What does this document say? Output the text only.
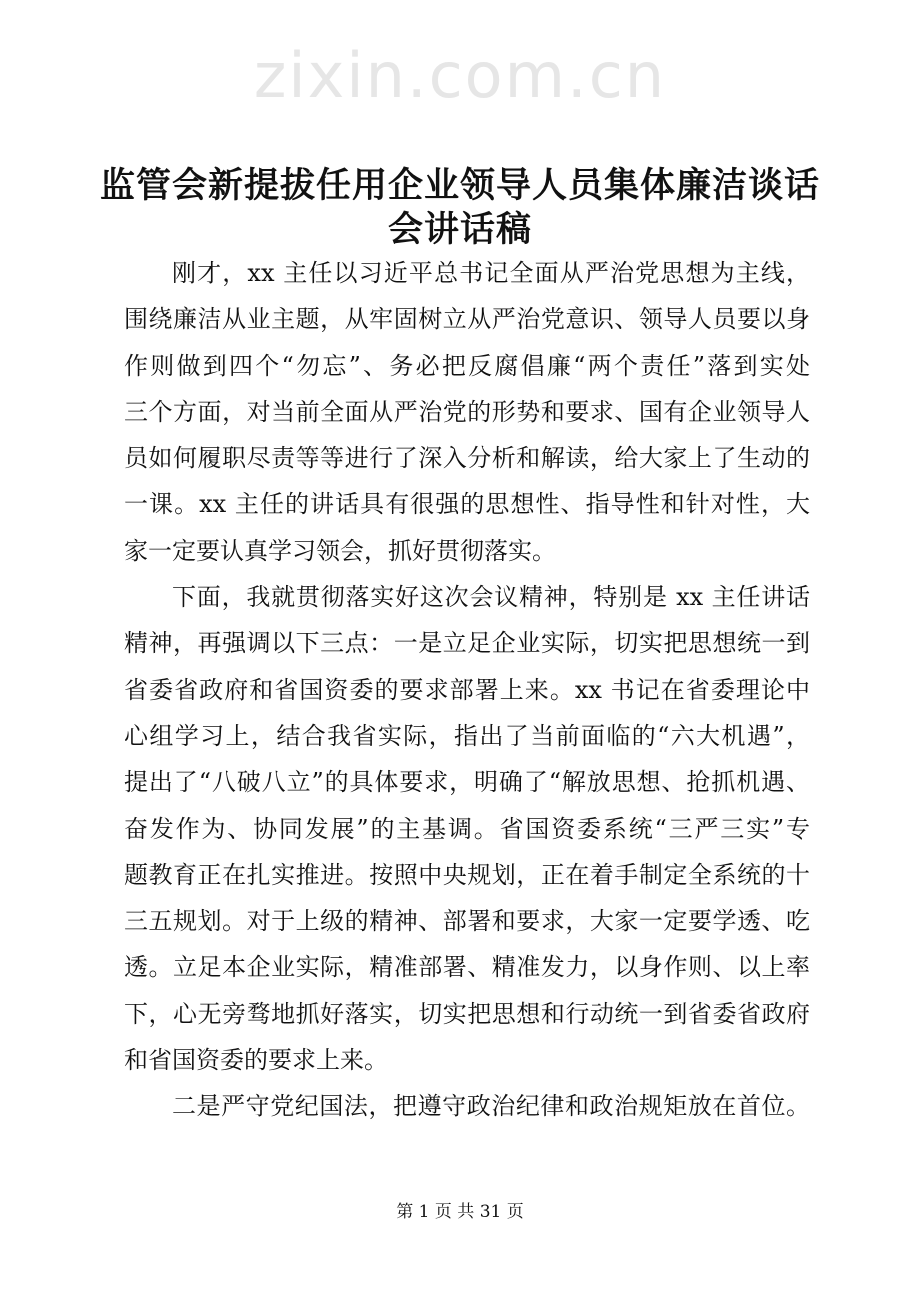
zixin.com.cn
监管会新提拔任用企业领导人员集体廉洁谈话
会讲话稿
刚才，xx 主任以习近平总书记全面从严治党思想为主线，
围绕廉洁从业主题，从牢固树立从严治党意识、领导人员要以身
作则做到四个“勿忘”、务必把反腐倡廉“两个责任”落到实处
三个方面，对当前全面从严治党的形势和要求、国有企业领导人
员如何履职尽责等等进行了深入分析和解读，给大家上了生动的
一课。xx 主任的讲话具有很强的思想性、指导性和针对性，大
家一定要认真学习领会，抓好贯彻落实。
下面，我就贯彻落实好这次会议精神，特别是 xx 主任讲话
精神，再强调以下三点：一是立足企业实际，切实把思想统一到
省委省政府和省国资委的要求部署上来。xx 书记在省委理论中
心组学习上，结合我省实际，指出了当前面临的“六大机遇”，
提出了“八破八立”的具体要求，明确了“解放思想、抢抓机遇、
奋发作为、协同发展”的主基调。省国资委系统“三严三实”专
题教育正在扎实推进。按照中央规划，正在着手制定全系统的十
三五规划。对于上级的精神、部署和要求，大家一定要学透、吃
透。立足本企业实际，精准部署、精准发力，以身作则、以上率
下，心无旁骛地抓好落实，切实把思想和行动统一到省委省政府
和省国资委的要求上来。
二是严守党纪国法，把遵守政治纪律和政治规矩放在首位。
第 1 页 共 31 页
